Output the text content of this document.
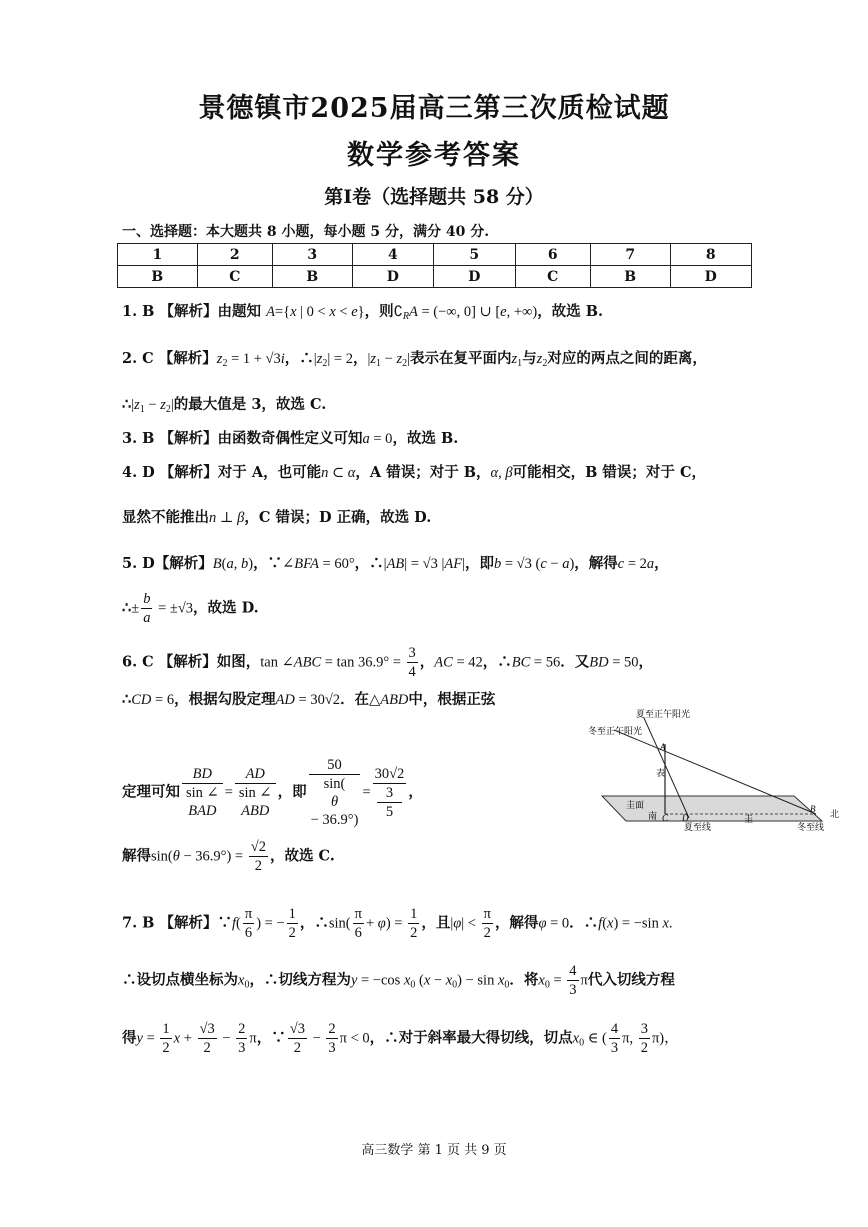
景德镇市2025届高三第三次质检试题
数学参考答案
第I卷（选择题共 58 分）
一、选择题：本大题共 8 小题，每小题 5 分，满分 40 分.
1	2	3	4	5	6	7	8
B	C	B	D	D	C	B	D
1. B 【解析】由题知 A={x | 0 < x < e}，则$∁_RA$ = (−∞, 0] ∪ [e, +∞)，故选 B.
2. C 【解析】$z_2 = 1 + √3i$，$\therefore|z_2| = 2$，$|z_1 - z_2|$表示在复平面内$z_1$与$z_2$对应的两点之间的距离，
$\therefore|z_1 - z_2|$的最大值是 3，故选 C.
3. B 【解析】由函数奇偶性定义可知a = 0，故选 B.
4. D 【解析】对于 A，也可能n ⊂ α，A 错误；对于 B，α, β可能相交，B 错误；对于 C，
显然不能推出n ⊥ β，C 错误；D 正确，故选 D.
5. D【解析】B(a, b)，∵∠BFA = 60°，∴|AB| = √3 |AF|，即b = √3 (c − a)，解得c = 2a，
∴± $\frac{b}{a} = \pm√3$，故选 D.
6. C 【解析】如图，tan ∠ABC = $\tan 36.9^\circ = \frac{3}{4}$ ，AC = 42，∴BC = 56．又BD = 50，
∴CD = 6，根据勾股定理AD = 30√2．在△ABD中，根据正弦
定理可知 BD
sin ∠
BAD = AD
sin ∠
ABD ，即 50
sin(
θ
− 36.9°) = 30√2
3
5 ，
解得$\sin(\theta - 36.9^\circ) = \frac{√2}{2}$ ，故选 C.
7. B 【解析】∵f( $\frac{\pi}{6}$ ) = − $\frac{1}{2}$ ，∴sin( $\frac{\pi}{6} + \varphi) = \frac{1}{2}$ ，且$|\varphi| < \frac{\pi}{2}$ ，解得φ = 0．∴f(x) = −sin x.
∴设切点横坐标为$x_0$，∴切线方程为y = −cos $x_0$ $(x - x_0) - \sin x_0$．将$x_0 = \frac{4}{3}$ π代入切线方程
得$y = \frac{1}{2}$ $x + \frac{√3}{2} - \frac{2}{3}$ π，∵ $\frac{√3}{2} - \frac{2}{3}$ π < 0，∴对于斜率最大得切线，切点$x_0$ ∈ ( $\frac{4}{3} \pi$, $\frac{3}{2} \pi$)，
夏至正午阳光
冬至正午阳光
A
表
圭面
南 C D
夏至线
圭
B
北
冬至线
高三数学 第 1 页 共 9 页
